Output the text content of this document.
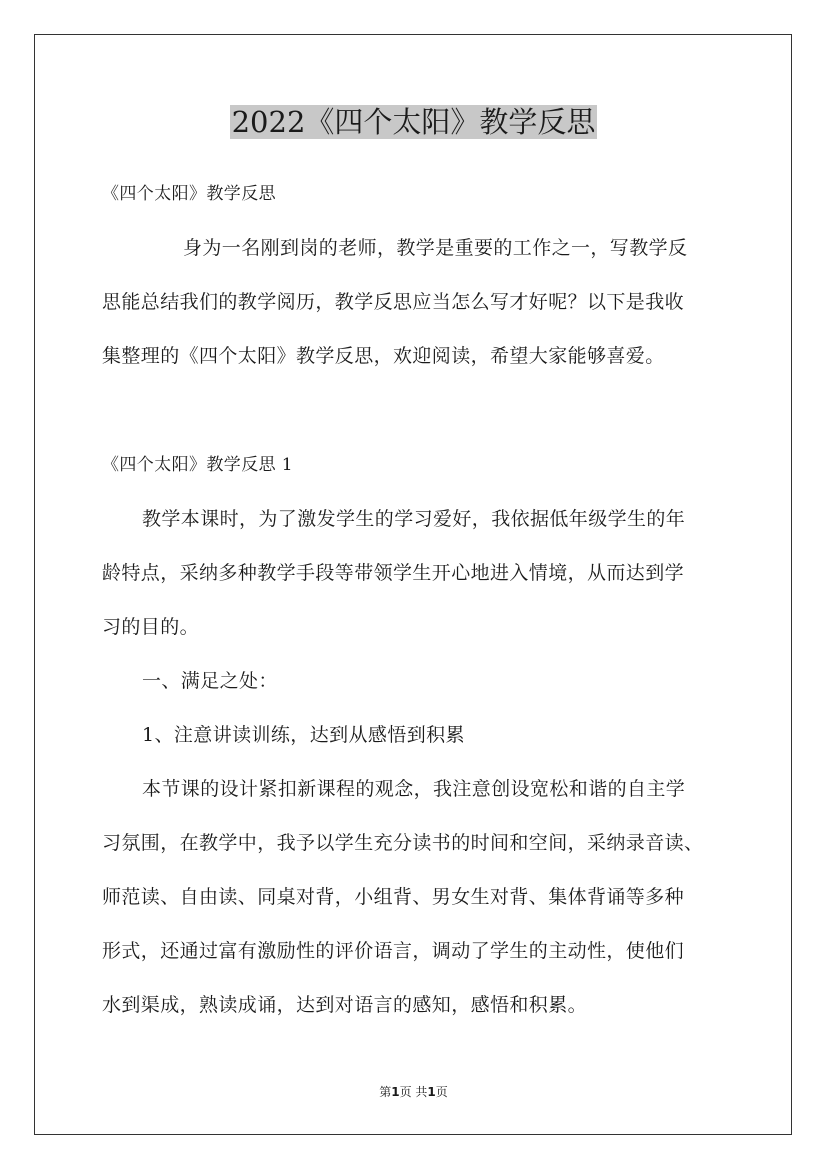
2022《四个太阳》教学反思

《四个太阳》教学反思

身为一名刚到岗的老师，教学是重要的工作之一，写教学反

思能总结我们的教学阅历，教学反思应当怎么写才好呢？以下是我收

集整理的《四个太阳》教学反思，欢迎阅读，希望大家能够喜爱。

《四个太阳》教学反思 1

教学本课时，为了激发学生的学习爱好，我依据低年级学生的年

龄特点，采纳多种教学手段等带领学生开心地进入情境，从而达到学

习的目的。

一、满足之处：

1、注意讲读训练，达到从感悟到积累

本节课的设计紧扣新课程的观念，我注意创设宽松和谐的自主学

习氛围，在教学中，我予以学生充分读书的时间和空间，采纳录音读、

师范读、自由读、同桌对背，小组背、男女生对背、集体背诵等多种

形式，还通过富有激励性的评价语言，调动了学生的主动性，使他们

水到渠成，熟读成诵，达到对语言的感知，感悟和积累。

第1页 共1页
